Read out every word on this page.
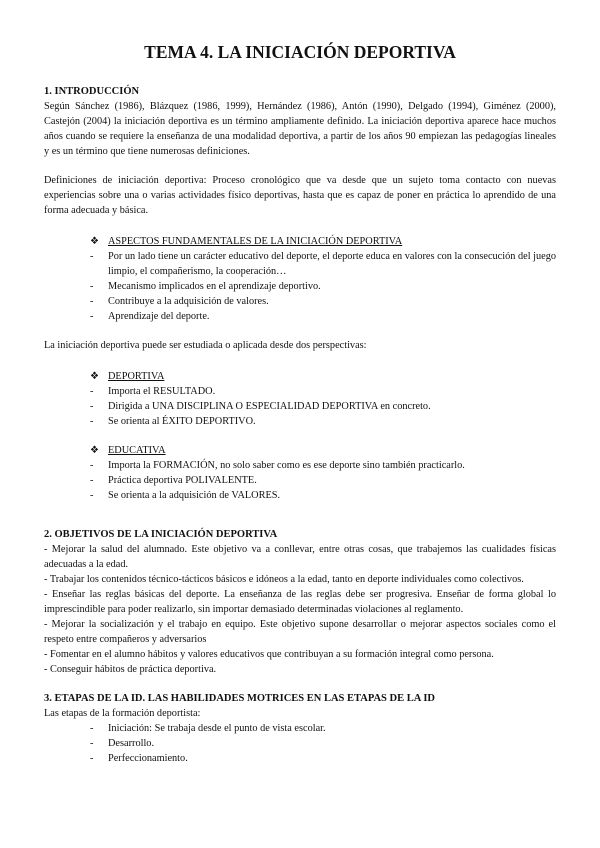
TEMA 4. LA INICIACIÓN DEPORTIVA
1. INTRODUCCIÓN

Según Sánchez (1986), Blázquez (1986, 1999), Hernández (1986), Antón (1990), Delgado (1994), Giménez (2000), Castejón (2004) la iniciación deportiva es un término ampliamente definido. La iniciación deportiva aparece hace muchos años cuando se requiere la enseñanza de una modalidad deportiva, a partir de los años 90 empiezan las pedagogías lineales y es un término que tiene numerosas definiciones.

Definiciones de iniciación deportiva: Proceso cronológico que va desde que un sujeto toma contacto con nuevas experiencias sobre una o varias actividades físico deportivas, hasta que es capaz de poner en práctica lo aprendido de una forma adecuada y básica.

❖ ASPECTOS FUNDAMENTALES DE LA INICIACIÓN DEPORTIVA
-	Por un lado tiene un carácter educativo del deporte, el deporte educa en valores con la consecución del juego limpio, el compañerismo, la cooperación…
-	Mecanismo implicados en el aprendizaje deportivo.
-	Contribuye a la adquisición de valores.
-	Aprendizaje del deporte.

La iniciación deportiva puede ser estudiada o aplicada desde dos perspectivas:

❖ DEPORTIVA
-	Importa el RESULTADO.
-	Dirigida a UNA DISCIPLINA O ESPECIALIDAD DEPORTIVA en concreto.
-	Se orienta al ÉXITO DEPORTIVO.
❖ EDUCATIVA
-	Importa la FORMACIÓN, no solo saber como es ese deporte sino también practicarlo.
-	Práctica deportiva POLIVALENTE.
-	Se orienta a la adquisición de VALORES.
2. OBJETIVOS DE LA INICIACIÓN DEPORTIVA

- Mejorar la salud del alumnado. Este objetivo va a conllevar, entre otras cosas, que trabajemos las cualidades físicas adecuadas a la edad.

- Trabajar los contenidos técnico-tácticos básicos e idóneos a la edad, tanto en deporte individuales como colectivos.

- Enseñar las reglas básicas del deporte. La enseñanza de las reglas debe ser progresiva. Enseñar de forma global lo imprescindible para poder realizarlo, sin importar demasiado determinadas violaciones al reglamento.

- Mejorar la socialización y el trabajo en equipo. Este objetivo supone desarrollar o mejorar aspectos sociales como el respeto entre compañeros y adversarios

- Fomentar en el alumno hábitos y valores educativos que contribuyan a su formación integral como persona.

- Conseguir hábitos de práctica deportiva.

3. ETAPAS DE LA ID. LAS HABILIDADES MOTRICES EN LAS ETAPAS DE LA ID

Las etapas de la formación deportista:

-	Iniciación: Se trabaja desde el punto de vista escolar.
-	Desarrollo.
-	Perfeccionamiento.
